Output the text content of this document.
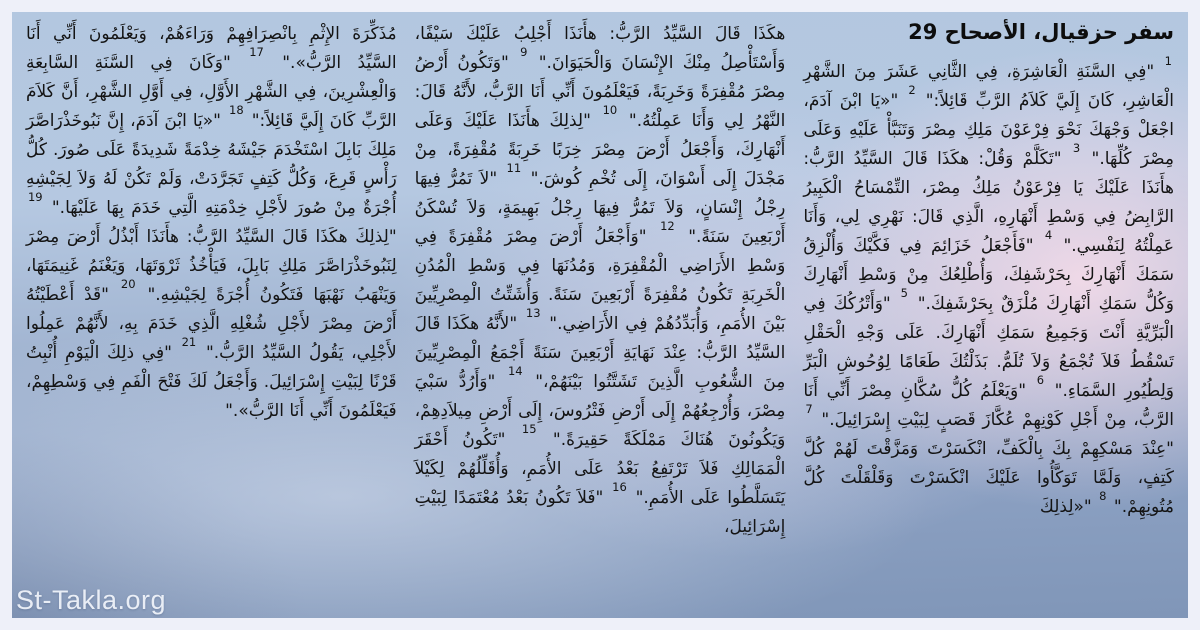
سفر حزقيال، الأصحاح 29

$^1$ "فِي السَّنَةِ الْعَاشِرَةِ، فِي الثَّانِي عَشَرَ مِنَ الشَّهْرِ الْعَاشِرِ، كَانَ إِلَيَّ كَلاَمُ الرَّبِّ قَائِلاً:" $^2$ "«يَا ابْنَ آدَمَ، اجْعَلْ وَجْهَكَ نَحْوَ فِرْعَوْنَ مَلِكِ مِصْرَ وَتَنَبَّأْ عَلَيْهِ وَعَلَى مِصْرَ كُلِّهَا." $^3$ "تَكَلَّمْ وَقُلْ: هكَذَا قَالَ السَّيِّدُ الرَّبُّ: هأَنَذَا عَلَيْكَ يَا فِرْعَوْنُ مَلِكُ مِصْرَ، التِّمْسَاحُ الْكَبِيرُ الرَّابِضُ فِي وَسْطِ أَنْهَارِهِ، الَّذِي قَالَ: نَهْرِي لِي، وَأَنَا عَمِلْتُهُ لِنَفْسِي." $^4$ "فَأَجْعَلُ خَزَائِمَ فِي فَكَّيْكَ وَأُلْزِقُ سَمَكَ أَنْهَارِكَ بِحَرْشَفِكَ، وَأُطْلِعُكَ مِنْ وَسْطِ أَنْهَارِكَ وَكُلُّ سَمَكِ أَنْهَارِكَ مُلْزَقٌ بِحَرْشَفِكَ." $^5$ "وَأَتْرُكُكَ فِي الْبَرِّيَّةِ أَنْتَ وَجَمِيعُ سَمَكِ أَنْهَارِكَ. عَلَى وَجْهِ الْحَقْلِ تَسْقُطُ فَلاَ تُجْمَعُ وَلاَ تُلَمُّ. بَذَلْتُكَ طَعَامًا لِوُحُوشِ الْبَرِّ وَلِطُيُورِ السَّمَاءِ." $^6$ "وَيَعْلَمُ كُلُّ سُكَّانِ مِصْرَ أَنِّي أَنَا الرَّبُّ، مِنْ أَجْلِ كَوْنِهِمْ عُكَّازَ قَصَبٍ لِبَيْتِ إِسْرَائِيلَ." $^7$ "عِنْدَ مَسْكِهِمْ بِكَ بِالْكَفِّ، انْكَسَرْتَ وَمَزَّقْتَ لَهُمْ كُلَّ كَتِفٍ، وَلَمَّا تَوَكَّأُوا عَلَيْكَ انْكَسَرْتَ وَقَلْقَلْتَ كُلَّ مُتُونِهِمْ." $^8$ "«لِذلِكَ

هكَذَا قَالَ السَّيِّدُ الرَّبُّ: هأَنَذَا أَجْلِبُ عَلَيْكَ سَيْفًا، وَأَسْتَأْصِلُ مِنْكَ الإِنْسَانَ وَالْحَيَوَانَ." $^9$ "وَتَكُونُ أَرْضُ مِصْرَ مُقْفِرَةً وَخَرِبَةً، فَيَعْلَمُونَ أَنِّي أَنَا الرَّبُّ، لأَنَّهُ قَالَ: النَّهْرُ لِي وَأَنَا عَمِلْتُهُ." $^{10}$ "لِذلِكَ هأَنَذَا عَلَيْكَ وَعَلَى أَنْهَارِكَ، وَأَجْعَلُ أَرْضَ مِصْرَ خِرَبًا خَرِبَةً مُقْفِرَةً، مِنْ مَجْدَلَ إِلَى أَسْوَانَ، إِلَى تُخْمِ كُوشَ." $^{11}$ "لاَ تَمُرُّ فِيهَا رِجْلُ إِنْسَانٍ، وَلاَ تَمُرُّ فِيهَا رِجْلُ بَهِيمَةٍ، وَلاَ تُسْكَنُ أَرْبَعِينَ سَنَةً." $^{12}$ "وَأَجْعَلُ أَرْضَ مِصْرَ مُقْفِرَةً فِي وَسْطِ الأَرَاضِي الْمُقْفِرَةِ، وَمُدُنَهَا فِي وَسْطِ الْمُدُنِ الْخَرِبَةِ تَكُونُ مُقْفِرَةً أَرْبَعِينَ سَنَةً. وَأُشَتِّتُ الْمِصْرِيِّينَ بَيْنَ الأُمَمِ، وَأُبَدِّدُهُمْ فِي الأَرَاضِي." $^{13}$ "لأَنَّهُ هكَذَا قَالَ السَّيِّدُ الرَّبُّ: عِنْدَ نَهَايَةِ أَرْبَعِينَ سَنَةً أَجْمَعُ الْمِصْرِيِّينَ مِنَ الشُّعُوبِ الَّذِينَ تَشَتَّتُوا بَيْنَهُمْ،" $^{14}$ "وَأَرُدُّ سَبْيَ مِصْرَ، وَأُرْجِعُهُمْ إِلَى أَرْضِ فَتْرُوسَ، إِلَى أَرْضِ مِيلاَدِهِمْ، وَيَكُونُونَ هُنَاكَ مَمْلَكَةً حَقِيرَةً." $^{15}$ "تَكُونُ أَحْقَرَ الْمَمَالِكِ فَلاَ تَرْتَفِعُ بَعْدُ عَلَى الأُمَمِ، وَأُقَلِّلُهُمْ لِكَيْلاَ يَتَسَلَّطُوا عَلَى الأُمَمِ." $^{16}$ "فَلاَ تَكُونُ بَعْدُ مُعْتَمَدًا لِبَيْتِ إِسْرَائِيلَ،

مُذَكِّرَةَ الإِثْمِ بِانْصِرَافِهِمْ وَرَاءَهُمْ، وَيَعْلَمُونَ أَنِّي أَنَا السَّيِّدُ الرَّبُّ»." $^{17}$ "وَكَانَ فِي السَّنَةِ السَّابِعَةِ وَالْعِشْرِينَ، فِي الشَّهْرِ الأَوَّلِ، فِي أَوَّلِ الشَّهْرِ، أَنَّ كَلاَمَ الرَّبِّ كَانَ إِلَيَّ قَائِلاً:" $^{18}$ "«يَا ابْنَ آدَمَ، إِنَّ نَبُوخَذْرَاصَّرَ مَلِكَ بَابِلَ اسْتَخْدَمَ جَيْشَهُ خِدْمَةً شَدِيدَةً عَلَى صُورَ. كُلُّ رَأْسٍ قَرِعَ، وَكُلُّ كَتِفٍ تَجَرَّدَتْ، وَلَمْ تَكُنْ لَهُ وَلاَ لِجَيْشِهِ أُجْرَةٌ مِنْ صُورَ لأَجْلِ خِدْمَتِهِ الَّتِي خَدَمَ بِهَا عَلَيْهَا." $^{19}$ "لِذلِكَ هكَذَا قَالَ السَّيِّدُ الرَّبُّ: هأَنَذَا أَبْذُلُ أَرْضَ مِصْرَ لِنَبُوخَذْرَاصَّرَ مَلِكِ بَابِلَ، فَيَأْخُذُ ثَرْوَتَهَا، وَيَغْنَمُ غَنِيمَتَهَا، وَيَنْهَبُ نَهْبَهَا فَتَكُونُ أُجْرَةً لِجَيْشِهِ." $^{20}$ "قَدْ أَعْطَيْتُهُ أَرْضَ مِصْرَ لأَجْلِ شُغْلِهِ الَّذِي خَدَمَ بِهِ، لأَنَّهُمْ عَمِلُوا لأَجْلِي، يَقُولُ السَّيِّدُ الرَّبُّ." $^{21}$ "فِي ذلِكَ الْيَوْمِ أُنْبِتُ قَرْنًا لِبَيْتِ إِسْرَائِيلَ. وَأَجْعَلُ لَكَ فَتْحَ الْفَمِ فِي وَسْطِهِمْ، فَيَعْلَمُونَ أَنِّي أَنَا الرَّبُّ»."

St-Takla.org
